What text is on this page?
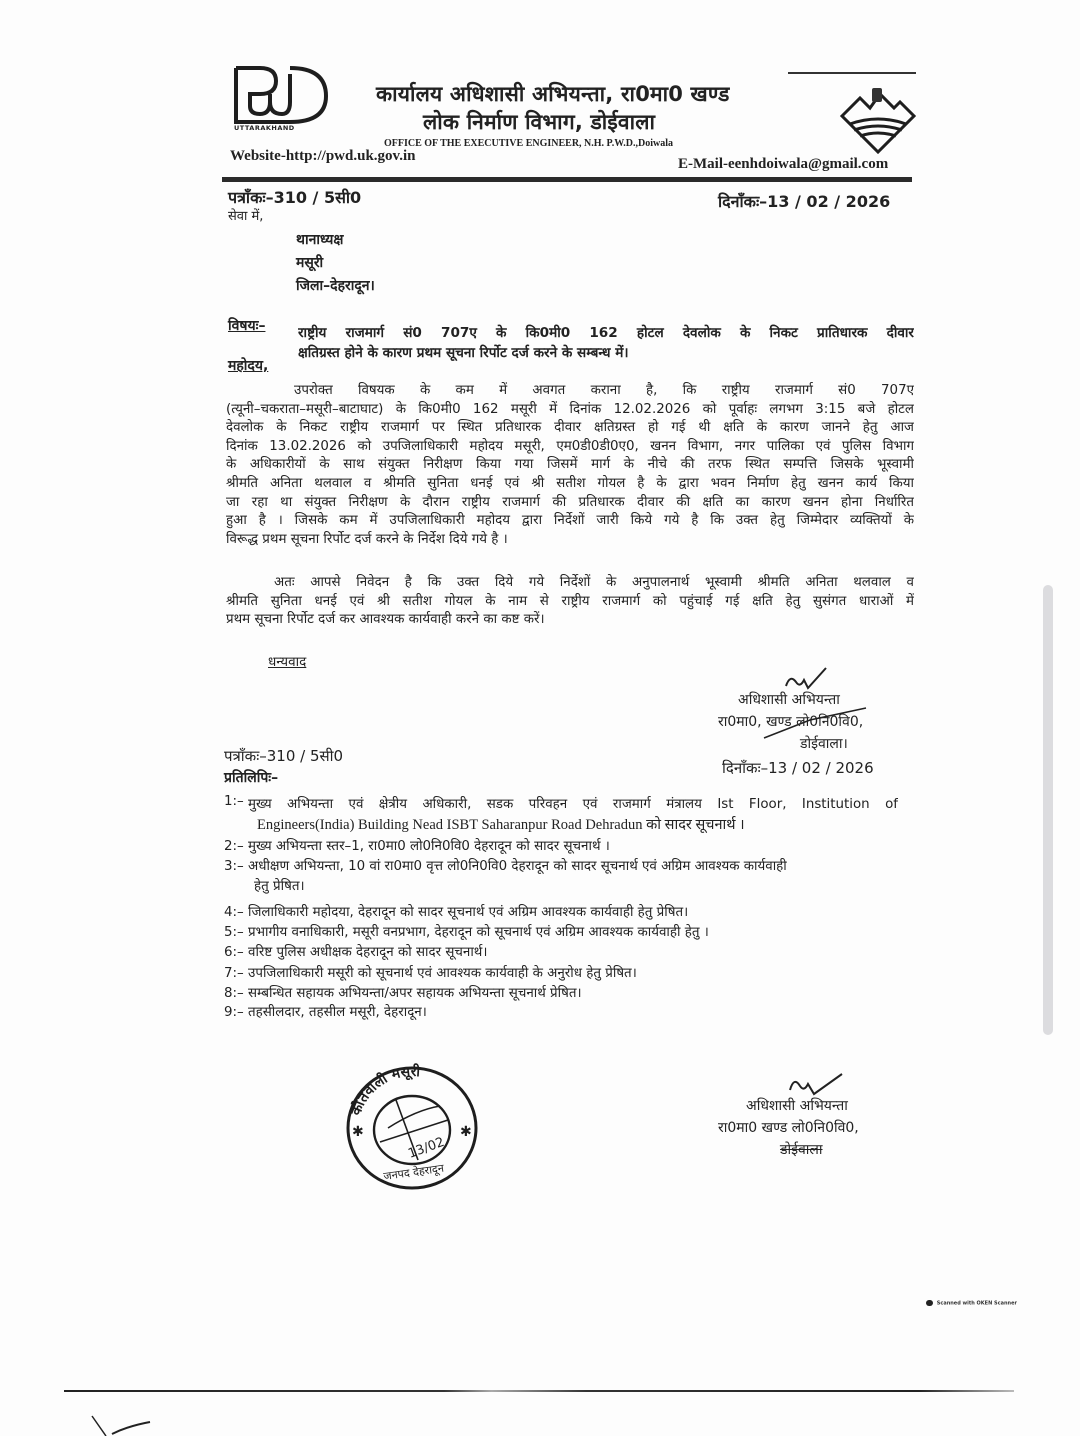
UTTARAKHAND
कार्यालय अधिशासी अभियन्ता, रा0मा0 खण्ड
लोक निर्माण विभाग, डोईवाला
OFFICE OF THE EXECUTIVE ENGINEER, N.H. P.W.D.,Doiwala
Website-http://pwd.uk.gov.in	E-Mail-eenhdoiwala@gmail.com
पत्रॉंकः–310 / 5सी0	दिनॉंकः–13 / 02 / 2026
सेवा में,
थानाध्यक्ष
मसूरी
जिला–देहरादून।
विषयः– राष्ट्रीय राजमार्ग सं0 707ए के कि0मी0 162 होटल देवलोक के निकट प्रातिधारक दीवार
क्षतिग्रस्त होने के कारण प्रथम सूचना रिर्पोट दर्ज करने के सम्बन्ध में।
महोदय,
उपरोक्त विषयक के कम में अवगत कराना है, कि राष्ट्रीय राजमार्ग सं0 707ए
(त्यूनी–चकराता–मसूरी–बाटाघाट) के कि0मी0 162 मसूरी में दिनांक 12.02.2026 को पूर्वाहः लगभग 3:15 बजे होटल
देवलोक के निकट राष्ट्रीय राजमार्ग पर स्थित प्रतिधारक दीवार क्षतिग्रस्त हो गई थी क्षति के कारण जानने हेतु आज
दिनांक 13.02.2026 को उपजिलाधिकारी महोदय मसूरी, एम0डी0डी0ए0, खनन विभाग, नगर पालिका एवं पुलिस विभाग
के अधिकारीयों के साथ संयुक्त निरीक्षण किया गया जिसमें मार्ग के नीचे की तरफ स्थित सम्पत्ति जिसके भूस्वामी
श्रीमति अनिता थलवाल व श्रीमति सुनिता धनई एवं श्री सतीश गोयल है के द्वारा भवन निर्माण हेतु खनन कार्य किया
जा रहा था संयुक्त निरीक्षण के दौरान राष्ट्रीय राजमार्ग की प्रतिधारक दीवार की क्षति का कारण खनन होना निर्धारित
हुआ है । जिसके कम में उपजिलाधिकारी महोदय द्वारा निर्देशों जारी किये गये है कि उक्त हेतु जिम्मेदार व्यक्तियों के
विरूद्ध प्रथम सूचना रिर्पोट दर्ज करने के निर्देश दिये गये है ।
अतः आपसे निवेदन है कि उक्त दिये गये निर्देशों के अनुपालनार्थ भूस्वामी श्रीमति अनिता थलवाल व
श्रीमति सुनिता धनई एवं श्री सतीश गोयल के नाम से राष्ट्रीय राजमार्ग को पहुंचाई गई क्षति हेतु सुसंगत धाराओं में
प्रथम सूचना रिर्पोट दर्ज कर आवश्यक कार्यवाही करने का कष्ट करें।
धन्यवाद
अधिशासी अभियन्ता
रा0मा0, खण्ड लो0नि0वि0,
डोईवाला।
पत्रॉंकः–310 / 5सी0
दिनॉंकः–13 / 02 / 2026
प्रतिलिपिः–
1:– मुख्य अभियन्ता एवं क्षेत्रीय अधिकारी, सडक परिवहन एवं राजमार्ग मंत्रालय Ist Floor, Institution of
Engineers(India) Building Nead ISBT Saharanpur Road Dehradun को सादर सूचनार्थ ।
2:– मुख्य अभियन्ता स्तर–1, रा0मा0 लो0नि0वि0 देहरादून को सादर सूचनार्थ ।
3:– अधीक्षण अभियन्ता, 10 वां रा0मा0 वृत्त लो0नि0वि0 देहरादून को सादर सूचनार्थ एवं अग्रिम आवश्यक कार्यवाही
हेतु प्रेषित।
4:– जिलाधिकारी महोदया, देहरादून को सादर सूचनार्थ एवं अग्रिम आवश्यक कार्यवाही हेतु प्रेषित।
5:– प्रभागीय वनाधिकारी, मसूरी वनप्रभाग, देहरादून को सूचनार्थ एवं अग्रिम आवश्यक कार्यवाही हेतु ।
6:– वरिष्ट पुलिस अधीक्षक देहरादून को सादर सूचनार्थ।
7:– उपजिलाधिकारी मसूरी को सूचनार्थ एवं आवश्यक कार्यवाही के अनुरोध हेतु प्रेषित।
8:– सम्बन्धित सहायक अभियन्ता/अपर सहायक अभियन्ता सूचनार्थ प्रेषित।
9:– तहसीलदार, तहसील मसूरी, देहरादून।
कोतवाली मसूरी
✱	✱
13/02
जनपद देहरादून
अधिशासी अभियन्ता
रा0मा0 खण्ड लो0नि0वि0,
डोईवाला
Scanned with OKEN Scanner
